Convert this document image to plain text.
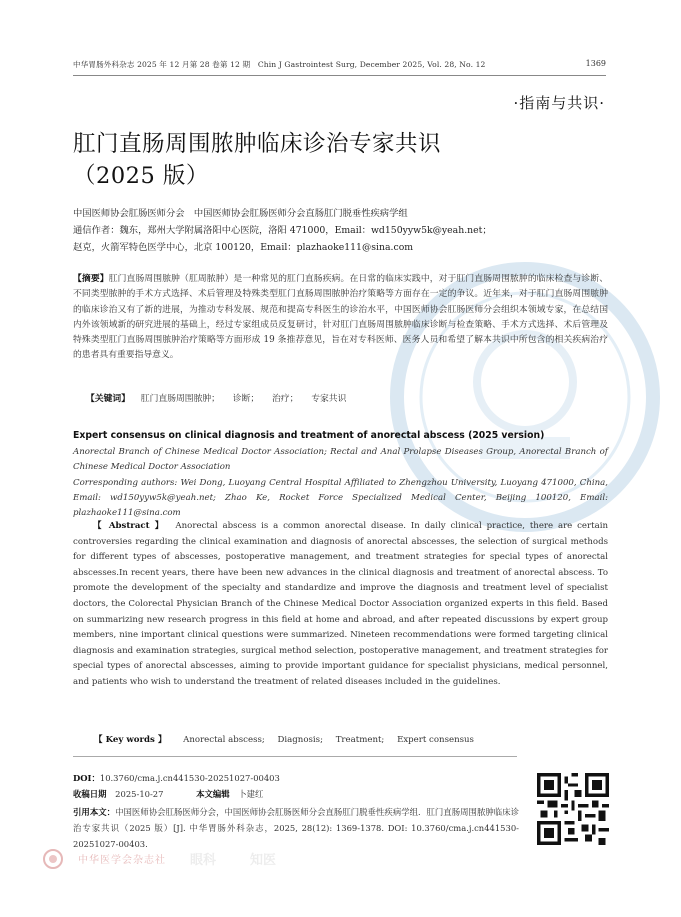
中华胃肠外科杂志 2025 年 12 月第 28 卷第 12 期　Chin J Gastrointest Surg, December 2025, Vol. 28, No. 12	1369
·指南与共识·
肛门直肠周围脓肿临床诊治专家共识
（2025 版）
中国医师协会肛肠医师分会　中国医师协会肛肠医师分会直肠肛门脱垂性疾病学组
通信作者：魏东，郑州大学附属洛阳中心医院，洛阳 471000，Email：wd150yyw5k@yeah.net；
赵克，火箭军特色医学中心，北京 100120，Email：plazhaoke111@sina.com
【摘要】肛门直肠周围脓肿（肛周脓肿）是一种常见的肛门直肠疾病。在日常的临床实践中，对于肛门直肠周围脓肿的临床检查与诊断、不同类型脓肿的手术方式选择、术后管理及特殊类型肛门直肠周围脓肿治疗策略等方面存在一定的争议。近年来，对于肛门直肠周围脓肿的临床诊治又有了新的进展，为推动专科发展、规范和提高专科医生的诊治水平，中国医师协会肛肠医师分会组织本领域专家，在总结国内外该领域新的研究进展的基础上，经过专家组成员反复研讨，针对肛门直肠周围脓肿临床诊断与检查策略、手术方式选择、术后管理及特殊类型肛门直肠周围脓肿治疗策略等方面形成 19 条推荐意见，旨在对专科医师、医务人员和希望了解本共识中所包含的相关疾病治疗的患者具有重要指导意义。
【关键词】 肛门直肠周围脓肿； 诊断； 治疗； 专家共识
Expert consensus on clinical diagnosis and treatment of anorectal abscess (2025 version)
Anorectal Branch of Chinese Medical Doctor Association; Rectal and Anal Prolapse Diseases Group, Anorectal Branch of Chinese Medical Doctor Association
Corresponding authors: Wei Dong, Luoyang Central Hospital Affiliated to Zhengzhou University, Luoyang 471000, China, Email: wd150yyw5k@yeah.net; Zhao Ke, Rocket Force Specialized Medical Center, Beijing 100120, Email: plazhaoke111@sina.com
【 Abstract 】 Anorectal abscess is a common anorectal disease. In daily clinical practice, there are certain controversies regarding the clinical examination and diagnosis of anorectal abscesses, the selection of surgical methods for different types of abscesses, postoperative management, and treatment strategies for special types of anorectal abscesses.In recent years, there have been new advances in the clinical diagnosis and treatment of anorectal abscess. To promote the development of the specialty and standardize and improve the diagnosis and treatment level of specialist doctors, the Colorectal Physician Branch of the Chinese Medical Doctor Association organized experts in this field. Based on summarizing new research progress in this field at home and abroad, and after repeated discussions by expert group members, nine important clinical questions were summarized. Nineteen recommendations were formed targeting clinical diagnosis and examination strategies, surgical method selection, postoperative management, and treatment strategies for special types of anorectal abscesses, aiming to provide important guidance for specialist physicians, medical personnel, and patients who wish to understand the treatment of related diseases included in the guidelines.
【 Key words 】 Anorectal abscess; Diagnosis; Treatment; Expert consensus
DOI：10.3760/cma.j.cn441530-20251027-00403
收稿日期 2025-10-27	本文编辑 卜建红
引用本文：中国医师协会肛肠医师分会，中国医师协会肛肠医师分会直肠肛门脱垂性疾病学组．肛门直肠周围脓肿临床诊治专家共识（2025 版）[J]. 中华胃肠外科杂志，2025, 28(12): 1369-1378. DOI: 10.3760/cma.j.cn441530-20251027-00403.
中华医学会杂志社 眼科	知医
